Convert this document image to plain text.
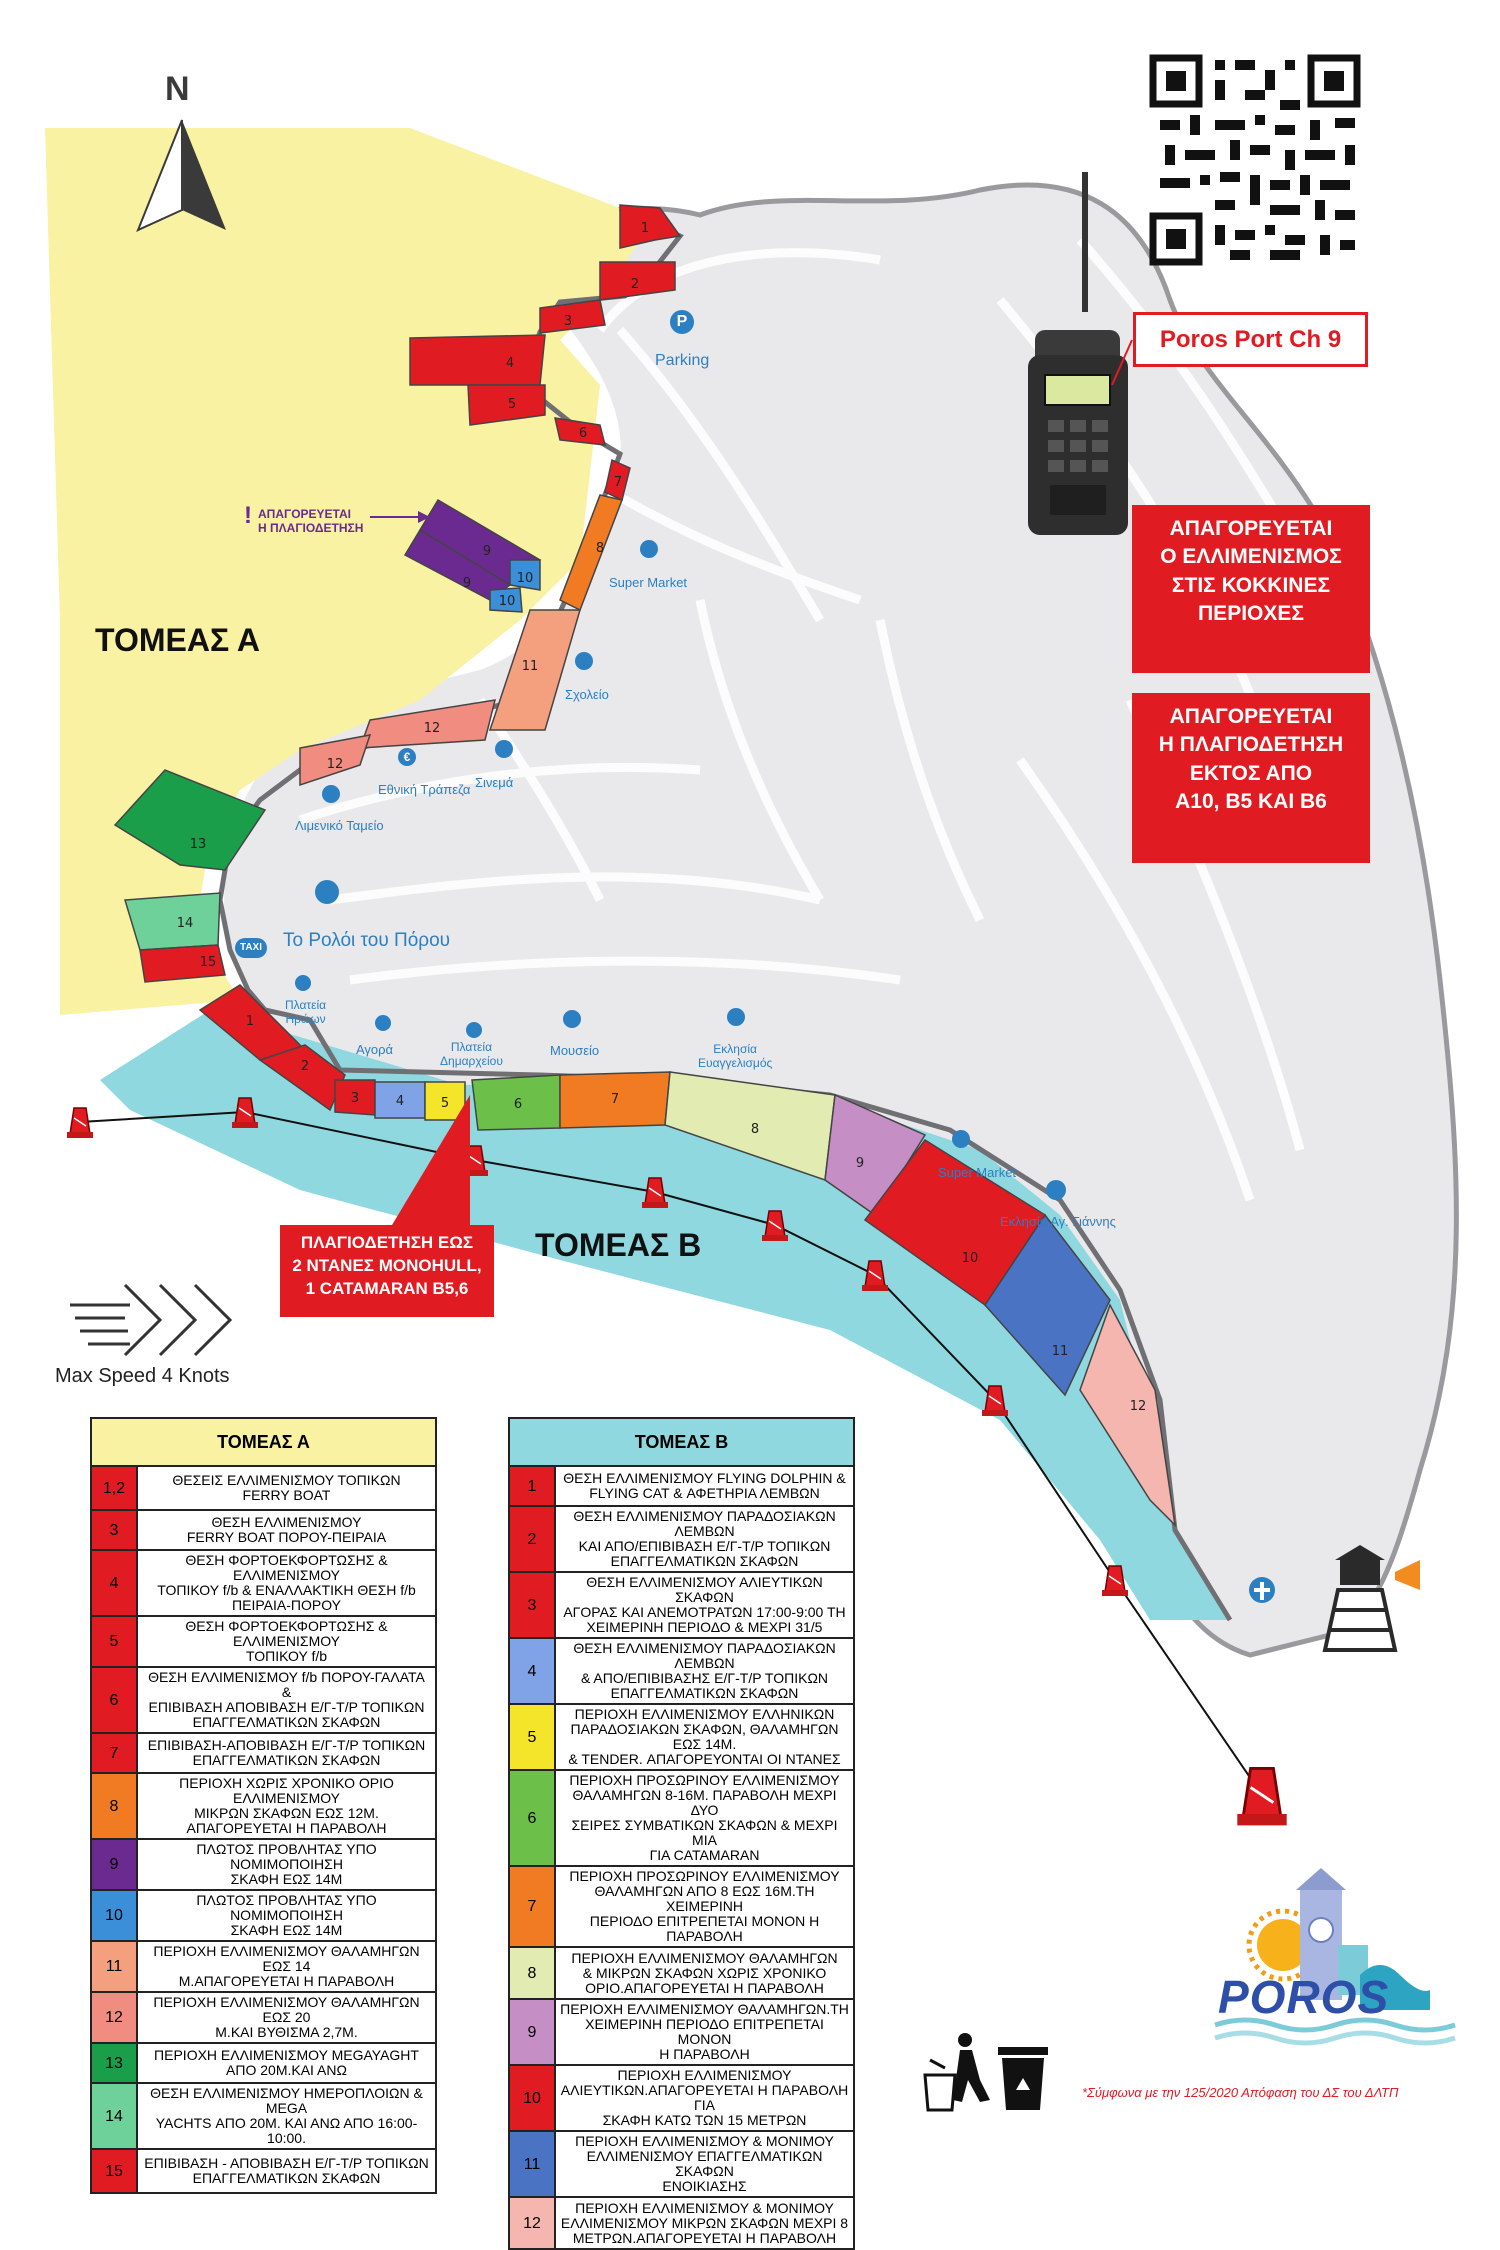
1
2
3
4
5
6
7
8
9
9	10
10
11
12
12
13
14
15
1
2
3	4	5	6	7
8
9
10
11
12
N
Poros Port Ch 9
ΑΠΑΓΟΡΕΥΕΤΑΙ
Ο ΕΛΛΙΜΕΝΙΣΜΟΣ
ΣΤΙΣ ΚΟΚΚΙΝΕΣ
ΠΕΡΙΟΧΕΣ
ΑΠΑΓΟΡΕΥΕΤΑΙ
Η ΠΛΑΓΙΟΔΕΤΗΣΗ
ΕΚΤΟΣ ΑΠΟ
Α10, Β5 ΚΑΙ Β6
ΤΟΜΕΑΣ Α
ΤΟΜΕΑΣ Β
! ΑΠΑΓΟΡΕΥΕΤΑΙ
Η ΠΛΑΓΙΟΔΕΤΗΣΗ
ΠΛΑΓΙΟΔΕΤΗΣΗ ΕΩΣ
2 ΝΤΑΝΕΣ MONOHULL,
1 CATAMARAN B5,6
Max Speed 4 Knots
P
Parking
Super Market
Σχολείο
€
Εθνική Τράπεζα Σινεμά
Λιμενικό Ταμείο
Το Ρολόι του Πόρου
TAXI
Πλατεία
Ηρώων
Αγορά	Πλατεία
Δημαρχείου
Μουσείο	Εκλησία
Ευαγγελισμός
Super Market
Εκλησία Αγ. Γιάννης
ΤΟΜΕΑΣ Α	
1,2	ΘΕΣΕΙΣ ΕΛΛΙΜΕΝΙΣΜΟΥ ΤΟΠΙΚΩΝ
FERRY BOAT

3	ΘΕΣΗ ΕΛΛΙΜΕΝΙΣΜΟΥ
FERRY BOAT ΠΟΡΟΥ-ΠΕΙΡΑΙΑ

4	ΘΕΣΗ ΦΟΡΤΟΕΚΦΟΡΤΩΣΗΣ & ΕΛΛΙΜΕΝΙΣΜΟΥ
ΤΟΠΙΚΟΥ f/b & ΕΝΑΛΛΑΚΤΙΚΗ ΘΕΣΗ f/b
ΠΕΙΡΑΙΑ-ΠΟΡΟΥ

5	ΘΕΣΗ ΦΟΡΤΟΕΚΦΟΡΤΩΣΗΣ & ΕΛΛΙΜΕΝΙΣΜΟΥ
ΤΟΠΙΚΟΥ f/b

6	ΘΕΣΗ ΕΛΛΙΜΕΝΙΣΜΟΥ f/b ΠΟΡΟΥ-ΓΑΛΑΤΑ &
ΕΠΙΒΙΒΑΣΗ ΑΠΟΒΙΒΑΣΗ Ε/Γ-Τ/Ρ ΤΟΠΙΚΩΝ
ΕΠΑΓΓΕΛΜΑΤΙΚΩΝ ΣΚΑΦΩΝ

7	ΕΠΙΒΙΒΑΣΗ-ΑΠΟΒΙΒΑΣΗ Ε/Γ-Τ/Ρ ΤΟΠΙΚΩΝ
ΕΠΑΓΓΕΛΜΑΤΙΚΩΝ ΣΚΑΦΩΝ

8	ΠΕΡΙΟΧΗ ΧΩΡΙΣ ΧΡΟΝΙΚΟ ΟΡΙΟ ΕΛΛΙΜΕΝΙΣΜΟΥ
ΜΙΚΡΩΝ ΣΚΑΦΩΝ ΕΩΣ 12Μ.
ΑΠΑΓΟΡΕΥΕΤΑΙ Η ΠΑΡΑΒΟΛΗ

9	ΠΛΩΤΟΣ ΠΡΟΒΛΗΤΑΣ ΥΠΟ ΝΟΜΙΜΟΠΟΙΗΣΗ
ΣΚΑΦΗ ΕΩΣ 14Μ

10	ΠΛΩΤΟΣ ΠΡΟΒΛΗΤΑΣ ΥΠΟ ΝΟΜΙΜΟΠΟΙΗΣΗ
ΣΚΑΦΗ ΕΩΣ 14Μ

11	ΠΕΡΙΟΧΗ ΕΛΛΙΜΕΝΙΣΜΟΥ ΘΑΛΑΜΗΓΩΝ ΕΩΣ 14
Μ.ΑΠΑΓΟΡΕΥΕΤΑΙ Η ΠΑΡΑΒΟΛΗ

12	ΠΕΡΙΟΧΗ ΕΛΛΙΜΕΝΙΣΜΟΥ ΘΑΛΑΜΗΓΩΝ ΕΩΣ 20
Μ.ΚΑΙ ΒΥΘΙΣΜΑ 2,7Μ.

13	ΠΕΡΙΟΧΗ ΕΛΛΙΜΕΝΙΣΜΟΥ MEGAYAGHT
ΑΠΟ 20Μ.ΚΑΙ ΑΝΩ

14	ΘΕΣΗ ΕΛΛΙΜΕΝΙΣΜΟΥ ΗΜΕΡΟΠΛΟΙΩΝ & MEGA
YACHTS ΑΠΟ 20Μ. ΚΑΙ ΑΝΩ ΑΠΟ 16:00-10:00.

15	ΕΠΙΒΙΒΑΣΗ - ΑΠΟΒΙΒΑΣΗ Ε/Γ-Τ/Ρ ΤΟΠΙΚΩΝ
ΕΠΑΓΓΕΛΜΑΤΙΚΩΝ ΣΚΑΦΩΝ
ΤΟΜΕΑΣ Β	
1	ΘΕΣΗ ΕΛΛΙΜΕΝΙΣΜΟΥ FLYING DOLPHIN &
FLYING CAT & ΑΦΕΤΗΡΙΑ ΛΕΜΒΩΝ

2	ΘΕΣΗ ΕΛΛΙΜΕΝΙΣΜΟΥ ΠΑΡΑΔΟΣΙΑΚΩΝ ΛΕΜΒΩΝ
ΚΑΙ ΑΠΟ/ΕΠΙΒΙΒΑΣΗ Ε/Γ-Τ/Ρ ΤΟΠΙΚΩΝ
ΕΠΑΓΓΕΛΜΑΤΙΚΩΝ ΣΚΑΦΩΝ

3	ΘΕΣΗ ΕΛΛΙΜΕΝΙΣΜΟΥ ΑΛΙΕΥΤΙΚΩΝ ΣΚΑΦΩΝ
ΑΓΟΡΑΣ ΚΑΙ ΑΝΕΜΟΤΡΑΤΩΝ 17:00-9:00 ΤΗ
ΧΕΙΜΕΡΙΝΗ ΠΕΡΙΟΔΟ & ΜΕΧΡΙ 31/5

4	ΘΕΣΗ ΕΛΛΙΜΕΝΙΣΜΟΥ ΠΑΡΑΔΟΣΙΑΚΩΝ ΛΕΜΒΩΝ
& ΑΠΟ/ΕΠΙΒΙΒΑΣΗΣ Ε/Γ-Τ/Ρ ΤΟΠΙΚΩΝ
ΕΠΑΓΓΕΛΜΑΤΙΚΩΝ ΣΚΑΦΩΝ

5	ΠΕΡΙΟΧΗ ΕΛΛΙΜΕΝΙΣΜΟΥ ΕΛΛΗΝΙΚΩΝ
ΠΑΡΑΔΟΣΙΑΚΩΝ ΣΚΑΦΩΝ, ΘΑΛΑΜΗΓΩΝ ΕΩΣ 14Μ.
& TENDER. ΑΠΑΓΟΡΕΥΟΝΤΑΙ ΟΙ ΝΤΑΝΕΣ

6	ΠΕΡΙΟΧΗ ΠΡΟΣΩΡΙΝΟΥ ΕΛΛΙΜΕΝΙΣΜΟΥ
ΘΑΛΑΜΗΓΩΝ 8-16Μ. ΠΑΡΑΒΟΛΗ ΜΕΧΡΙ ΔΥΟ
ΣΕΙΡΕΣ ΣΥΜΒΑΤΙΚΩΝ ΣΚΑΦΩΝ & ΜΕΧΡΙ ΜΙΑ
ΓΙΑ CATAMARAN

7	ΠΕΡΙΟΧΗ ΠΡΟΣΩΡΙΝΟΥ ΕΛΛΙΜΕΝΙΣΜΟΥ
ΘΑΛΑΜΗΓΩΝ ΑΠΟ 8 ΕΩΣ 16Μ.ΤΗ ΧΕΙΜΕΡΙΝΗ
ΠΕΡΙΟΔΟ ΕΠΙΤΡΕΠΕΤΑΙ ΜΟΝΟΝ Η ΠΑΡΑΒΟΛΗ

8	ΠΕΡΙΟΧΗ ΕΛΛΙΜΕΝΙΣΜΟΥ ΘΑΛΑΜΗΓΩΝ
& ΜΙΚΡΩΝ ΣΚΑΦΩΝ ΧΩΡΙΣ ΧΡΟΝΙΚΟ
ΟΡΙΟ.ΑΠΑΓΟΡΕΥΕΤΑΙ Η ΠΑΡΑΒΟΛΗ

9	ΠΕΡΙΟΧΗ ΕΛΛΙΜΕΝΙΣΜΟΥ ΘΑΛΑΜΗΓΩΝ.ΤΗ
ΧΕΙΜΕΡΙΝΗ ΠΕΡΙΟΔΟ ΕΠΙΤΡΕΠΕΤΑΙ ΜΟΝΟΝ
Η ΠΑΡΑΒΟΛΗ

10	ΠΕΡΙΟΧΗ ΕΛΛΙΜΕΝΙΣΜΟΥ
ΑΛΙΕΥΤΙΚΩΝ.ΑΠΑΓΟΡΕΥΕΤΑΙ Η ΠΑΡΑΒΟΛΗ ΓΙΑ
ΣΚΑΦΗ ΚΑΤΩ ΤΩΝ 15 ΜΕΤΡΩΝ

11	ΠΕΡΙΟΧΗ ΕΛΛΙΜΕΝΙΣΜΟΥ & ΜΟΝΙΜΟΥ
ΕΛΛΙΜΕΝΙΣΜΟΥ ΕΠΑΓΓΕΛΜΑΤΙΚΩΝ ΣΚΑΦΩΝ
ΕΝΟΙΚΙΑΣΗΣ

12	ΠΕΡΙΟΧΗ ΕΛΛΙΜΕΝΙΣΜΟΥ & ΜΟΝΙΜΟΥ
ΕΛΛΙΜΕΝΙΣΜΟΥ ΜΙΚΡΩΝ ΣΚΑΦΩΝ ΜΕΧΡΙ 8
ΜΕΤΡΩΝ.ΑΠΑΓΟΡΕΥΕΤΑΙ Η ΠΑΡΑΒΟΛΗ
POROS
*Σύμφωνα με την 125/2020 Απόφαση του ΔΣ του ΔΛΤΠ
